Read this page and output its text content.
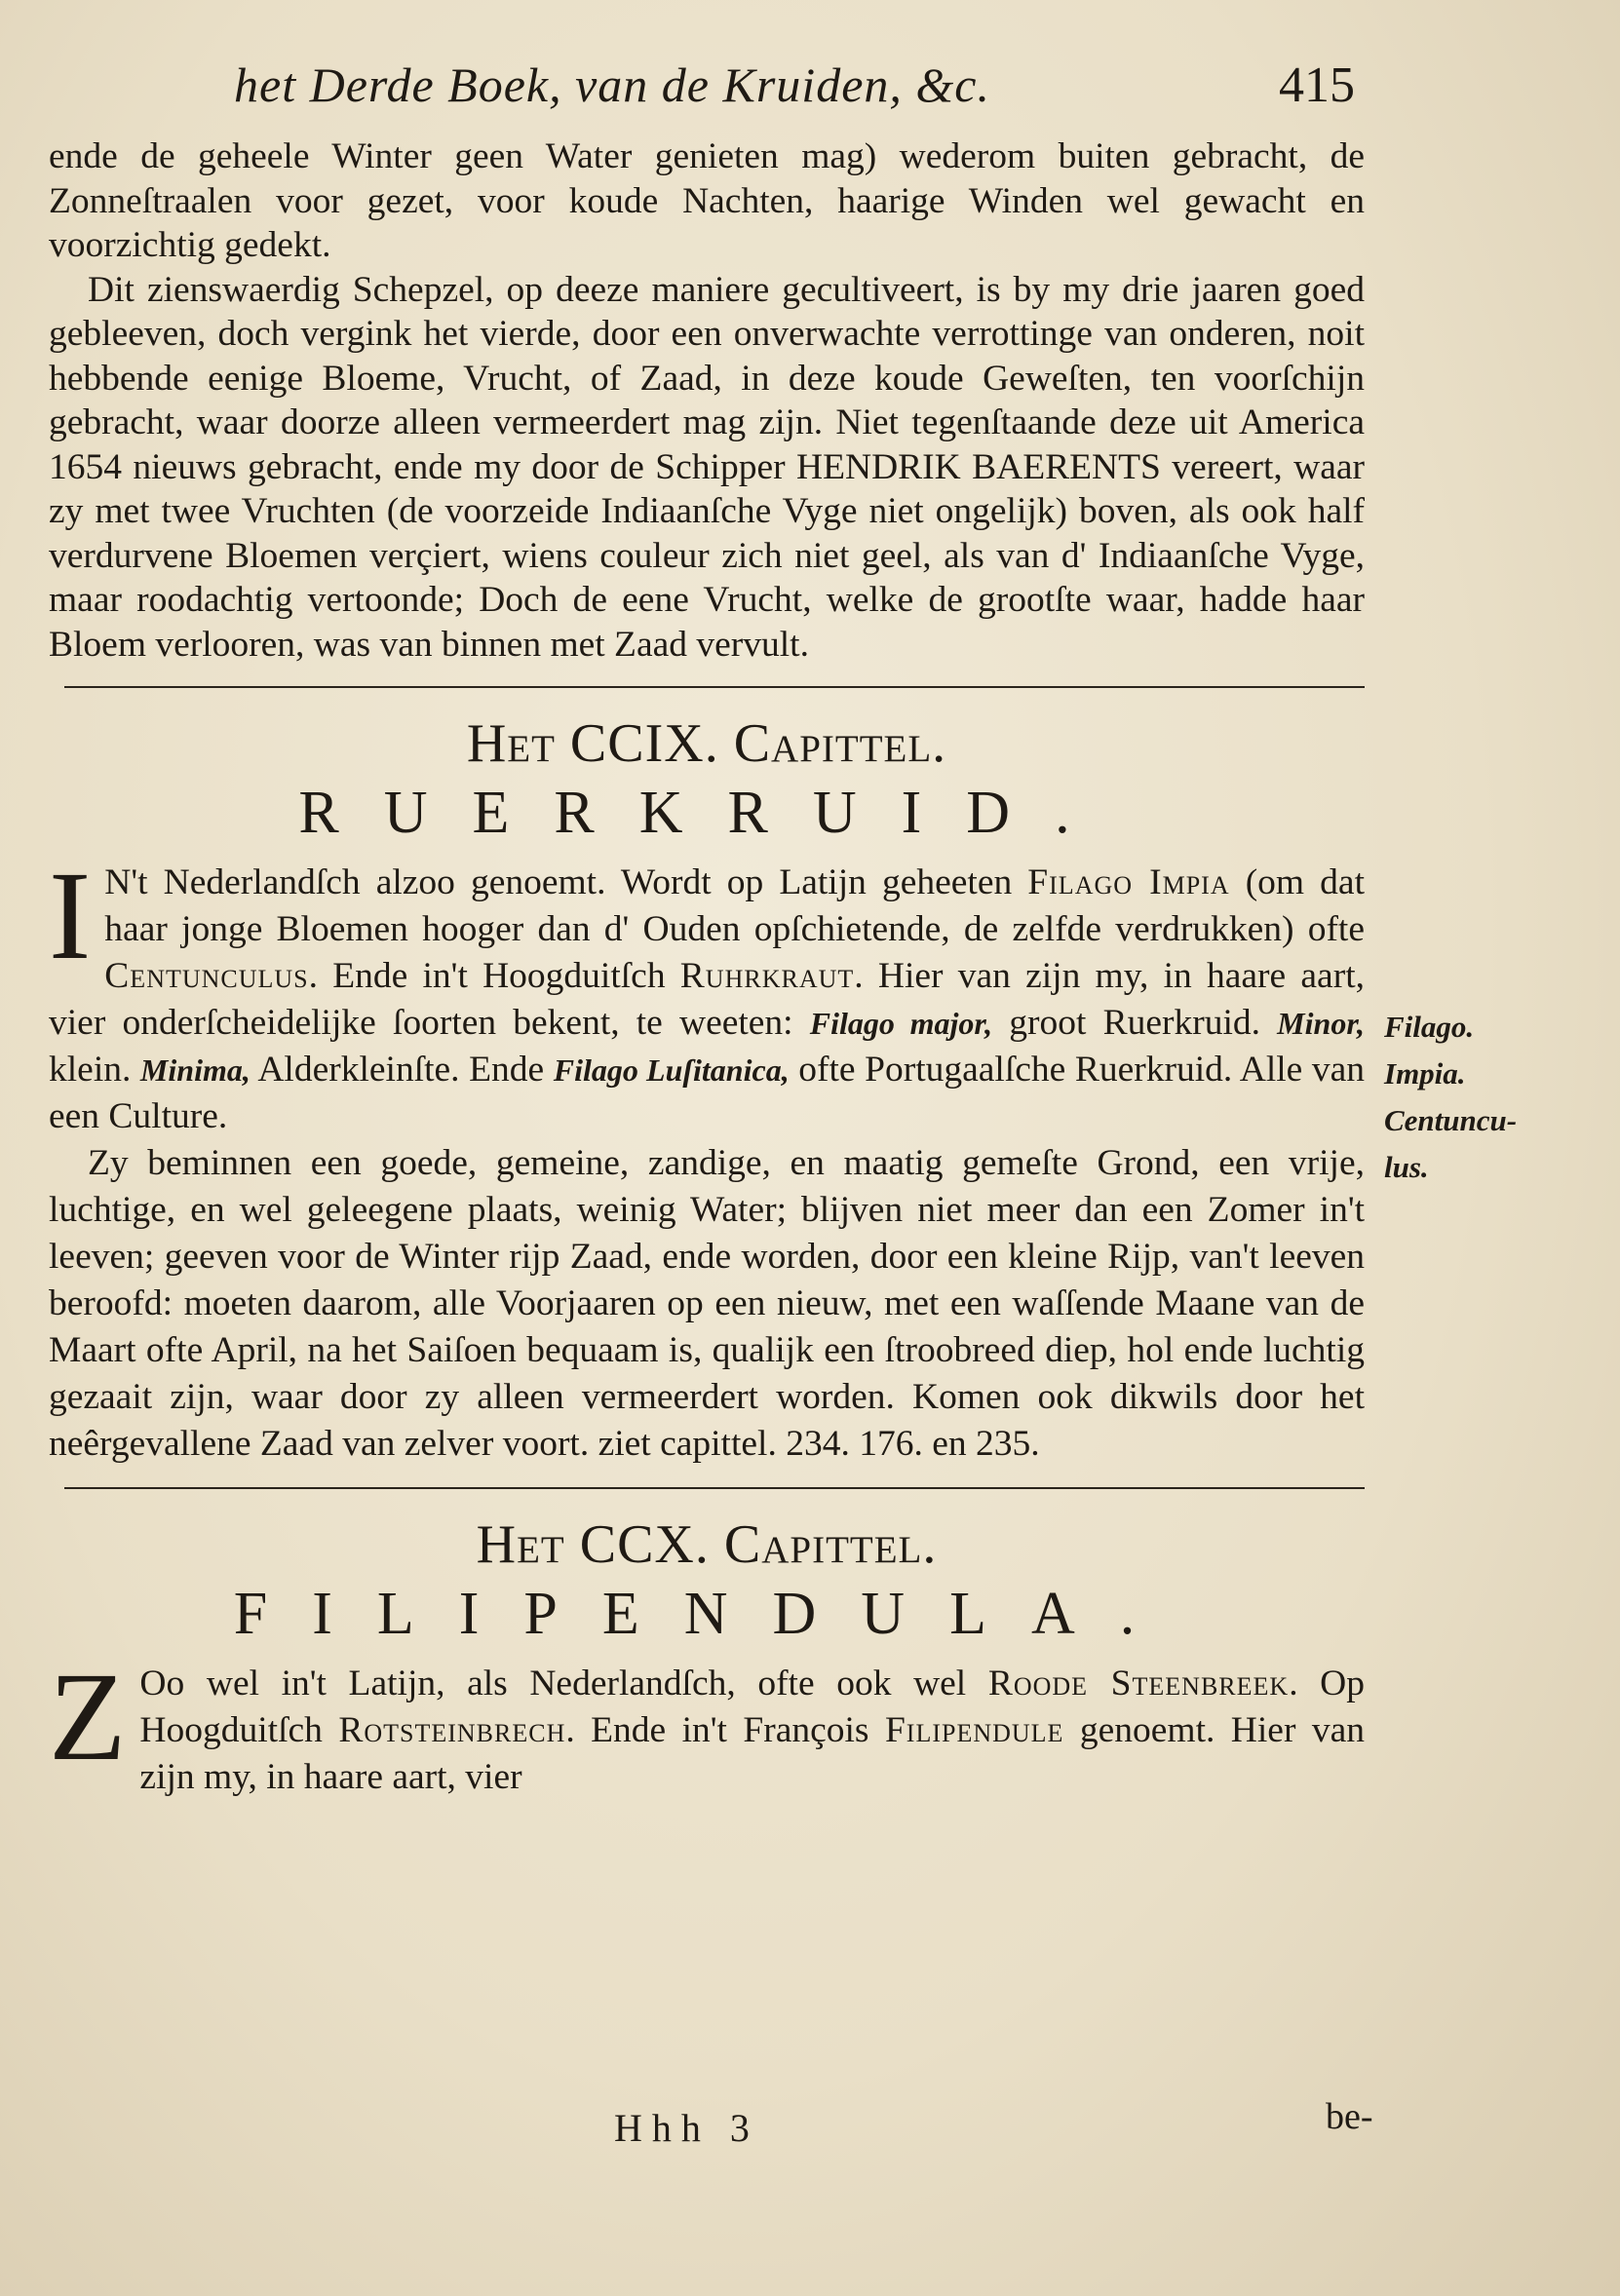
het Derde Boek, van de Kruiden, &c.	415

ende de geheele Winter geen Water genieten mag) wederom buiten gebracht, de Zonneſtraalen voor gezet, voor koude Nachten, haarige Winden wel gewacht en voorzichtig gedekt.

Dit zienswaerdig Schepzel, op deeze maniere gecultiveert, is by my drie jaaren goed gebleeven, doch vergink het vierde, door een onverwachte verrottinge van onderen, noit hebbende eenige Bloeme, Vrucht, of Zaad, in deze koude Geweſten, ten voorſchijn gebracht, waar doorze alleen vermeerdert mag zijn. Niet tegenſtaande deze uit America 1654 nieuws gebracht, ende my door de Schipper HENDRIK BAERENTS vereert, waar zy met twee Vruchten (de voorzeide Indiaanſche Vyge niet ongelijk) boven, als ook half verdurvene Bloemen verçiert, wiens couleur zich niet geel, als van d' Indiaanſche Vyge, maar roodachtig vertoonde; Doch de eene Vrucht, welke de grootſte waar, hadde haar Bloem verlooren, was van binnen met Zaad vervult.

Het CCIX. Capittel.
RUERKRUID.

I N't Nederlandſch alzoo genoemt. Wordt op Latijn geheeten Filago Impia (om dat haar jonge Bloemen hooger dan d' Ouden opſchietende, de zelfde verdrukken) ofte Centunculus. Ende in't Hoogduitſch Ruhrkraut. Hier van zijn my, in haare aart, vier onderſcheidelijke ſoorten bekent, te weeten: Filago major, groot Ruerkruid. Minor, klein. Minima, Alderkleinſte. Ende Filago Luſitanica, ofte Portugaalſche Ruerkruid. Alle van een Culture.

Zy beminnen een goede, gemeine, zandige, en maatig gemeſte Grond, een vrije, luchtige, en wel geleegene plaats, weinig Water; blijven niet meer dan een Zomer in't leeven; geeven voor de Winter rijp Zaad, ende worden, door een kleine Rijp, van't leeven beroofd: moeten daarom, alle Voorjaaren op een nieuw, met een waſſende Maane van de Maart ofte April, na het Saiſoen bequaam is, qualijk een ſtroobreed diep, hol ende luchtig gezaait zijn, waar door zy alleen vermeerdert worden. Komen ook dikwils door het neêrgevallene Zaad van zelver voort. ziet capittel. 234. 176. en 235.

Het CCX. Capittel.
FILIPENDULA.

Z Oo wel in't Latijn, als Nederlandſch, ofte ook wel Roode Steenbreek. Op Hoogduitſch Rotsteinbrech. Ende in't François Filipendule genoemt. Hier van zijn my, in haare aart, vier

Filago.
Impia.
Centuncu-
lus.
Hhh 3	be-
